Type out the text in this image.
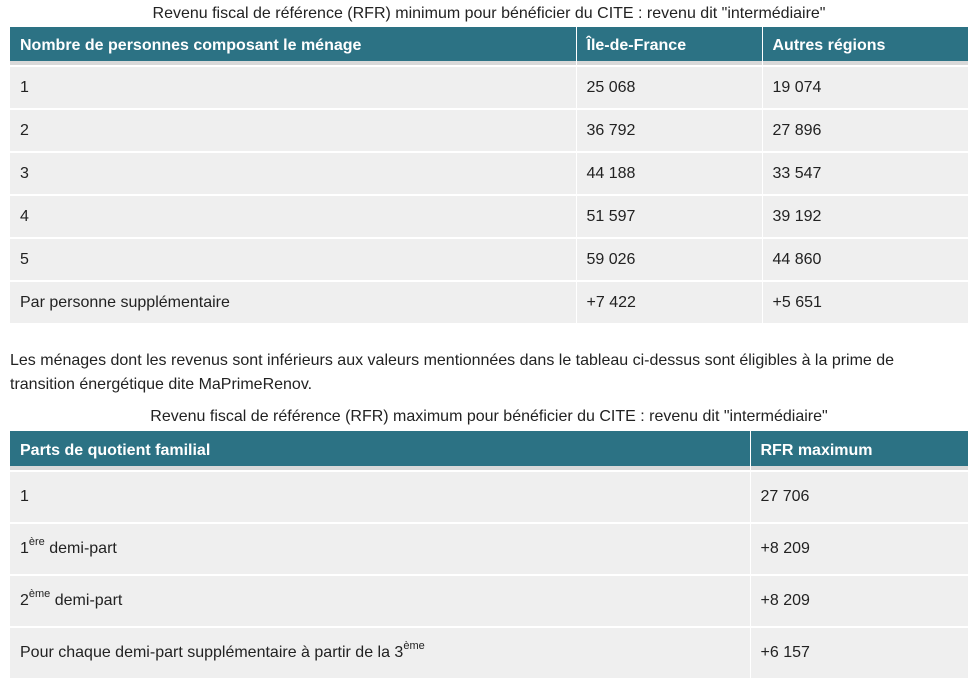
Revenu fiscal de référence (RFR) minimum pour bénéficier du CITE : revenu dit "intermédiaire"
Nombre de personnes composant le ménage	Île-de-France	Autres régions
1	25 068	19 074
2	36 792	27 896
3	44 188	33 547
4	51 597	39 192
5	59 026	44 860
Par personne supplémentaire	+7 422	+5 651
Les ménages dont les revenus sont inférieurs aux valeurs mentionnées dans le tableau ci-dessus sont éligibles à la prime de transition énergétique dite MaPrimeRenov.
Revenu fiscal de référence (RFR) maximum pour bénéficier du CITE : revenu dit "intermédiaire"
Parts de quotient familial	RFR maximum
1	27 706
1ère demi-part	+8 209
2ème demi-part	+8 209
Pour chaque demi-part supplémentaire à partir de la 3ème	+6 157
